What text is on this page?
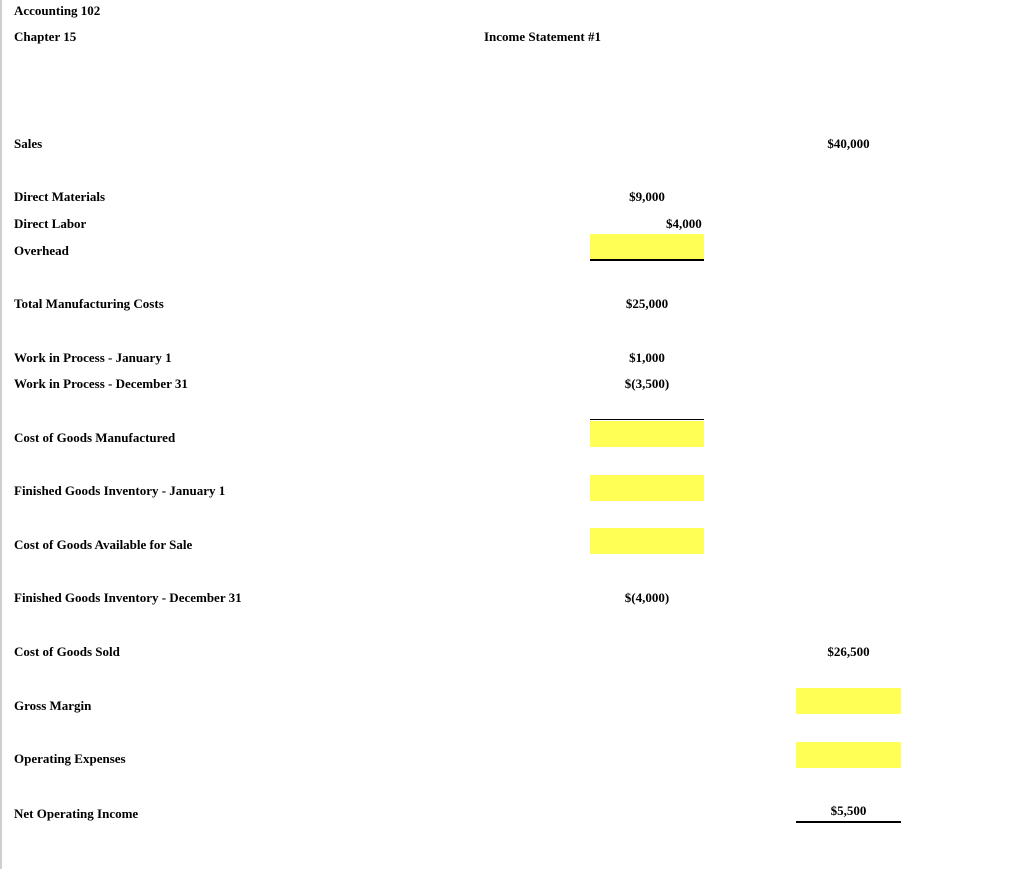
Accounting 102
Chapter 15	Income Statement #1
Sales	$40,000
Direct Materials	$9,000
Direct Labor	$4,000
Overhead
Total Manufacturing Costs	$25,000
Work in Process - January 1	$1,000
Work in Process - December 31	$(3,500)
Cost of Goods Manufactured
Finished Goods Inventory - January 1
Cost of Goods Available for Sale
Finished Goods Inventory - December 31	$(4,000)
Cost of Goods Sold	$26,500
Gross Margin
Operating Expenses
Net Operating Income	$5,500
